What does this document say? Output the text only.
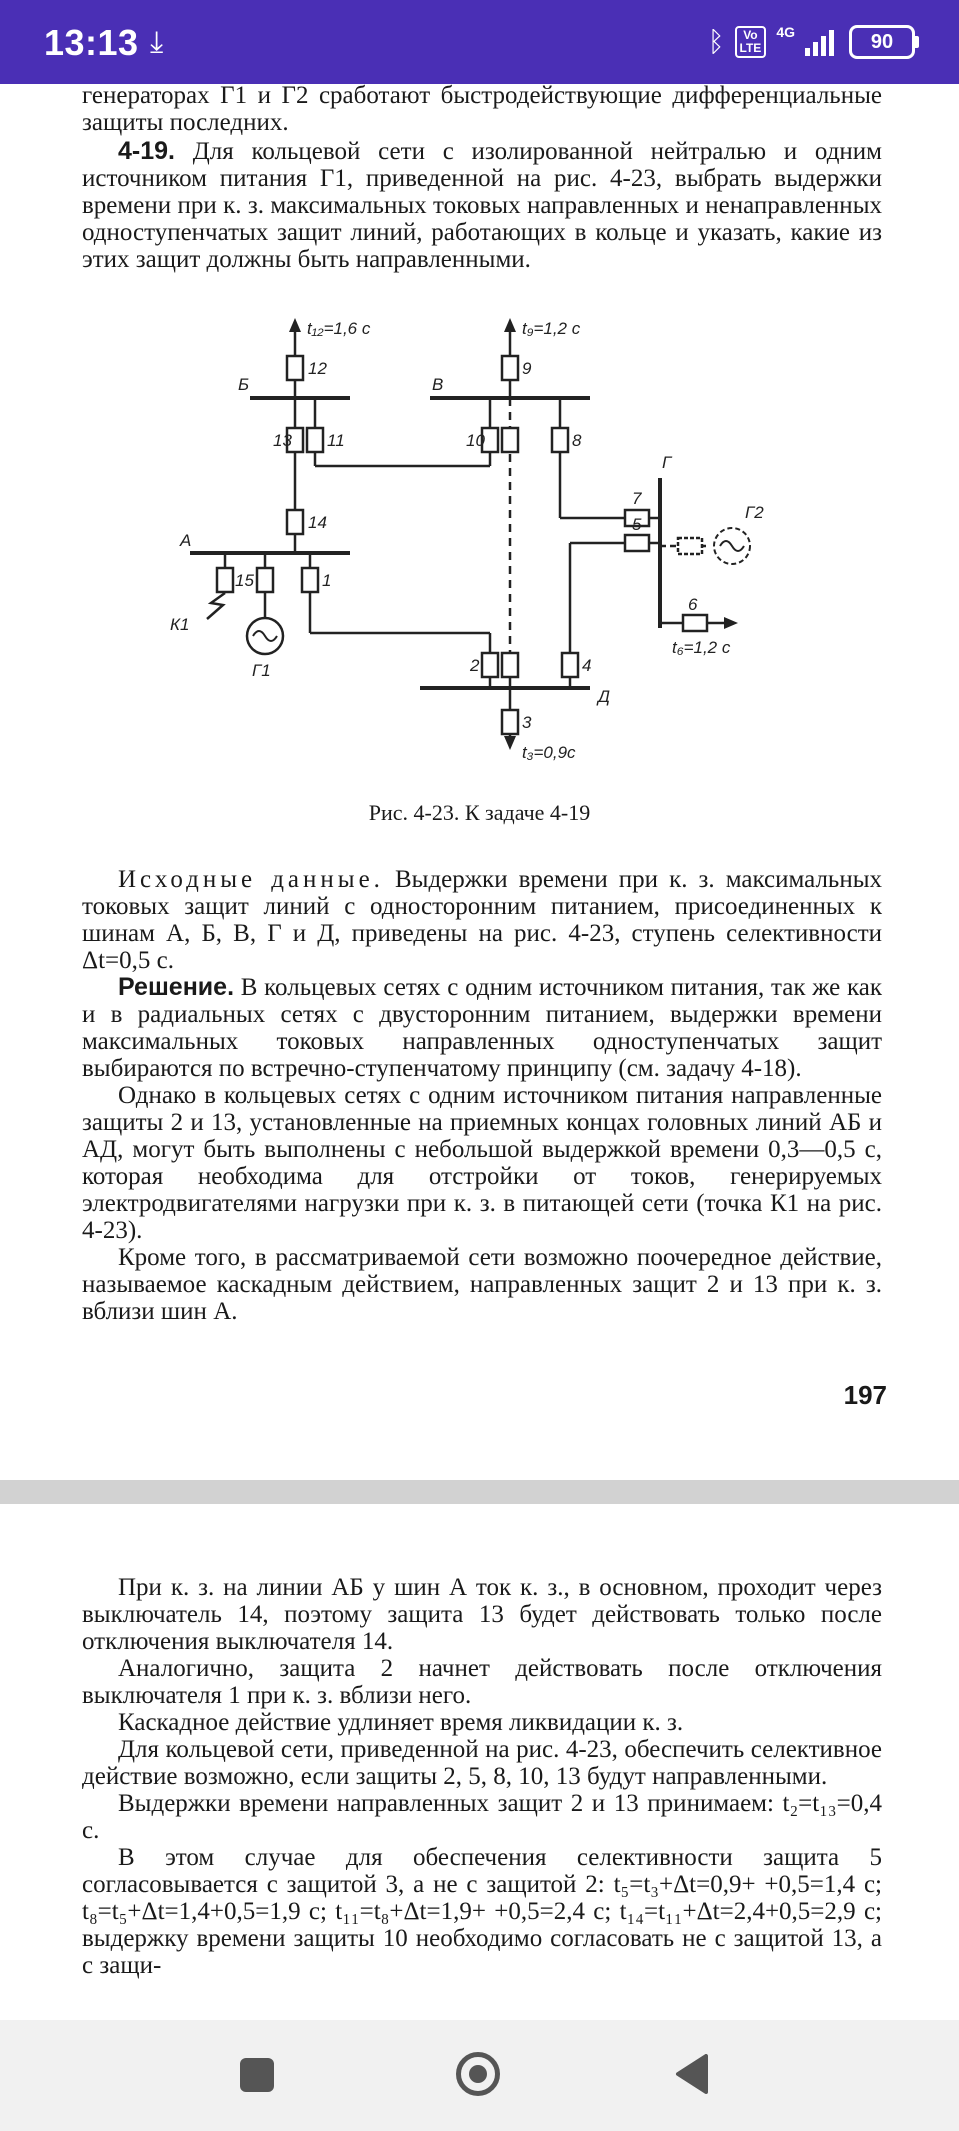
13:13 ⤓	ᛒ	Vo
LTE
4G	90

генераторах Г1 и Г2 сработают быстродействующие дифференциальные защиты последних.

4-19. Для кольцевой сети с изолированной нейтралью и одним источником питания Г1, приведенной на рис. 4-23, выбрать выдержки времени при к. з. максимальных токовых направленных и ненаправленных одноступенчатых защит линий, работающих в кольце и указать, какие из этих защит должны быть направленными.

t₁₂=1,6 с	t₉=1,2 с
t₃=0,9с
t₆=1,2 с
12	9
13 11	10	8
14
15	1
2	4
3
7
5
6
Б	В
А
Г
Д
Г1
Г2
К1
Рис. 4-23. К задаче 4-19

Исходные данные. Выдержки времени при к. з. максимальных токовых защит линий с односторонним питанием, присоединенных к шинам А, Б, В, Г и Д, приведены на рис. 4-23, ступень селективности Δt=0,5 с.

Решение. В кольцевых сетях с одним источником питания, так же как и в радиальных сетях с двусторонним питанием, выдержки времени максимальных токовых направленных одноступенчатых защит выбираются по встречно-ступенчатому принципу (см. задачу 4-18).

Однако в кольцевых сетях с одним источником питания направленные защиты 2 и 13, установленные на приемных концах головных линий АБ и АД, могут быть выполнены с небольшой выдержкой времени 0,3—0,5 с, которая необходима для отстройки от токов, генерируемых электродвигателями нагрузки при к. з. в питающей сети (точка К1 на рис. 4-23).

Кроме того, в рассматриваемой сети возможно поочередное действие, называемое каскадным действием, направленных защит 2 и 13 при к. з. вблизи шин А.

197

При к. з. на линии АБ у шин А ток к. з., в основном, проходит через выключатель 14, поэтому защита 13 будет действовать только после отключения выключателя 14.

Аналогично, защита 2 начнет действовать после отключения выключателя 1 при к. з. вблизи него.

Каскадное действие удлиняет время ликвидации к. з.

Для кольцевой сети, приведенной на рис. 4-23, обеспечить селективное действие возможно, если защиты 2, 5, 8, 10, 13 будут направленными.

Выдержки времени направленных защит 2 и 13 принимаем: t₂=t₁₃=0,4 с.

В этом случае для обеспечения селективности защита 5 согласовывается с защитой 3, а не с защитой 2: t₅=t₃+Δt=0,9+ +0,5=1,4 с; t₈=t₅+Δt=1,4+0,5=1,9 с; t₁₁=t₈+Δt=1,9+ +0,5=2,4 с; t₁₄=t₁₁+Δt=2,4+0,5=2,9 с; выдержку времени защиты 10 необходимо согласовать не с защитой 13, а с защи-
